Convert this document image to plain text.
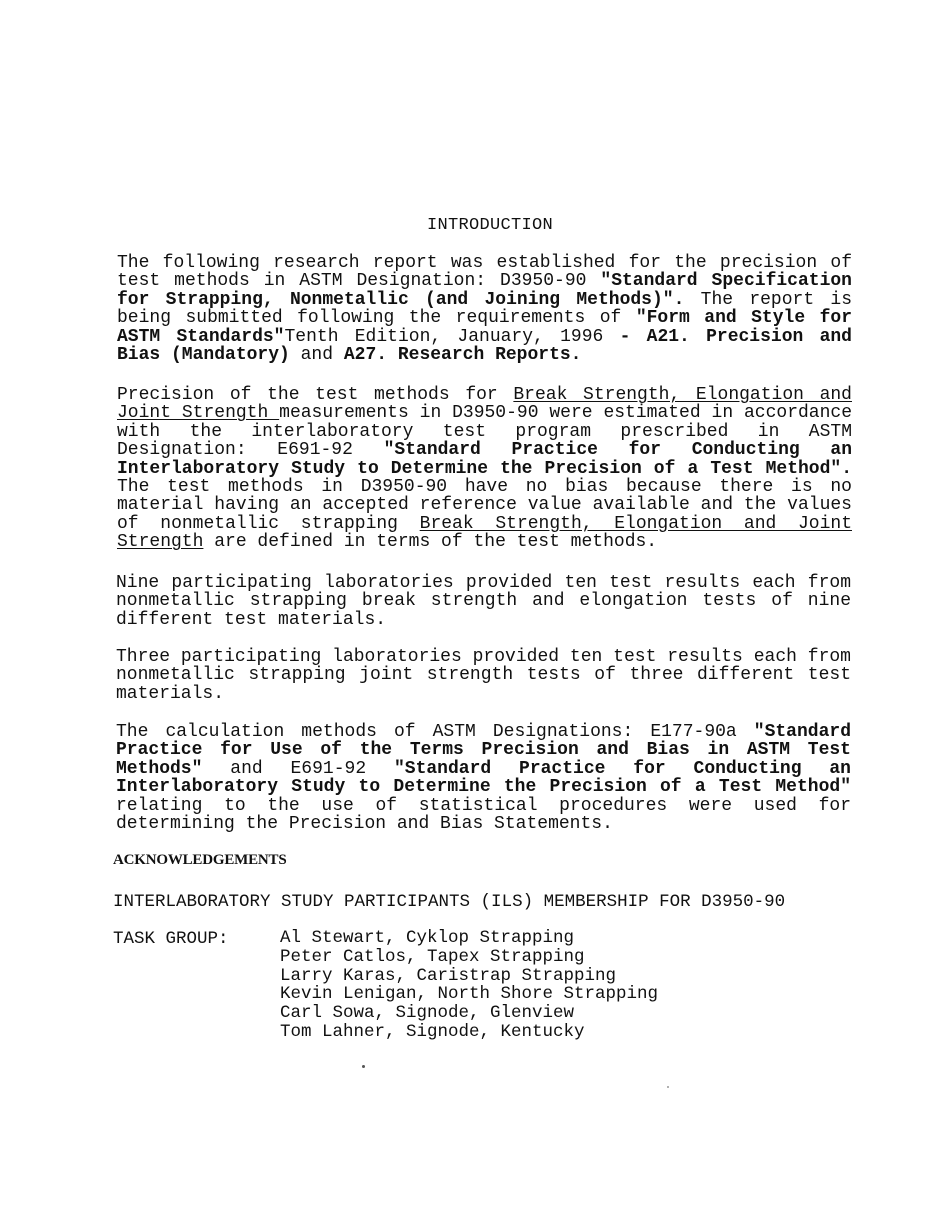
INTRODUCTION
The following research report was established for the precision of test methods in ASTM Designation: D3950-90 "Standard Specification for Strapping, Nonmetallic (and Joining Methods)". The report is being submitted following the requirements of "Form and Style for ASTM Standards"Tenth Edition, January, 1996 - A21. Precision and Bias (Mandatory) and A27. Research Reports.
Precision of the test methods for Break Strength, Elongation and Joint Strength measurements in D3950-90 were estimated in accordance with the interlaboratory test program prescribed in ASTM Designation: E691-92 "Standard Practice for Conducting an Interlaboratory Study to Determine the Precision of a Test Method". The test methods in D3950-90 have no bias because there is no material having an accepted reference value available and the values of nonmetallic strapping Break Strength, Elongation and Joint Strength are defined in terms of the test methods.
Nine participating laboratories provided ten test results each from nonmetallic strapping break strength and elongation tests of nine different test materials.
Three participating laboratories provided ten test results each from nonmetallic strapping joint strength tests of three different test materials.
The calculation methods of ASTM Designations: E177-90a "Standard Practice for Use of the Terms Precision and Bias in ASTM Test Methods" and E691-92 "Standard Practice for Conducting an Interlaboratory Study to Determine the Precision of a Test Method" relating to the use of statistical procedures were used for determining the Precision and Bias Statements.
ACKNOWLEDGEMENTS
INTERLABORATORY STUDY PARTICIPANTS (ILS) MEMBERSHIP FOR D3950-90
TASK GROUP:	Al Stewart, Cyklop Strapping
Peter Catlos, Tapex Strapping
Larry Karas, Caristrap Strapping
Kevin Lenigan, North Shore Strapping
Carl Sowa, Signode, Glenview
Tom Lahner, Signode, Kentucky
